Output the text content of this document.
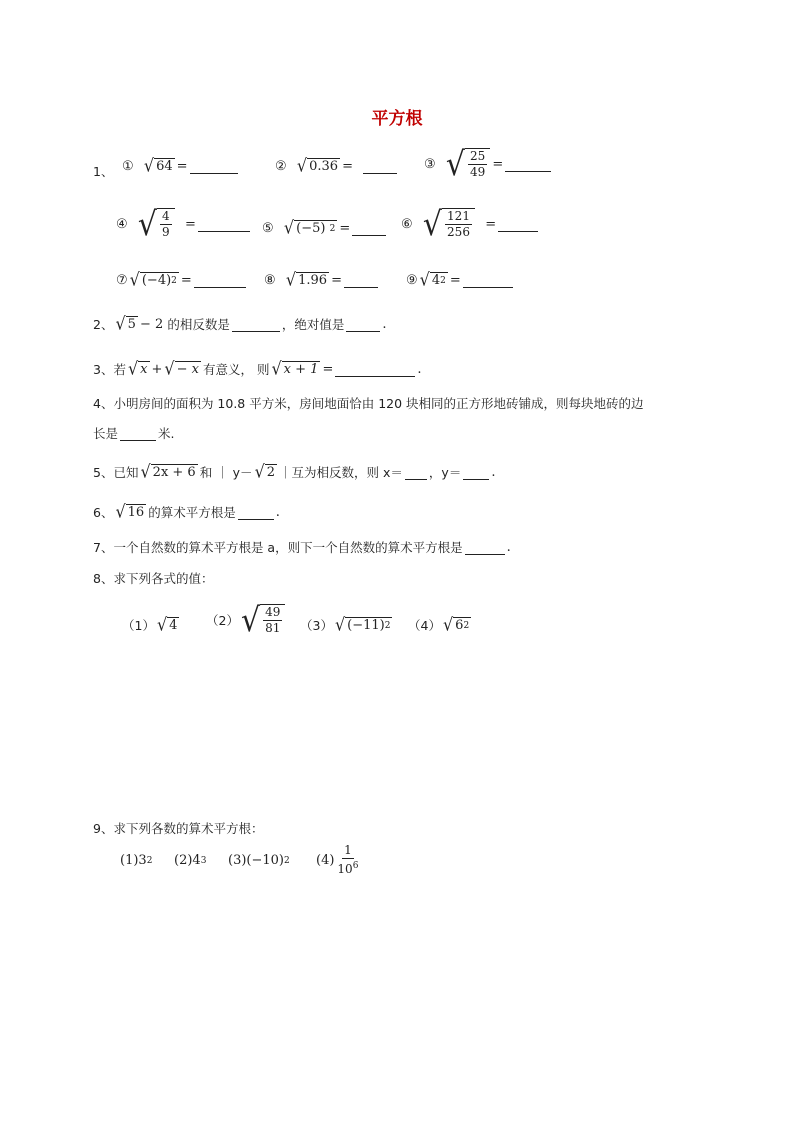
平方根
1、 ①
√ 64 =	②
√ 0.36 =
	③
√ $\frac{25}{49}$ =
④
√ $\frac{4}{9}$
=	⑤
√ (−5)
2 =	⑥
√ $\frac{121}{256}$
=
⑦ √ (−4) 2 =	⑧
√ 1.96 =	⑨ √ 4 2 =
2、 √ 5 − 2
的相反数是	，绝对值是	.
3、 若 √ x + √ − x 有意义， 则 √ x + 1 =	.
4、小明房间的面积为 10.8 平方米，房间地面恰由 120 块相同的正方形地砖铺成，则每块地砖的边
长是	米.
5、 已知 √ 2x + 6 和 ｜ y－ √ 2 ｜互为相反数，则 x＝ ，y＝ .
6、 √ 16 的算术平方根是	.
7、一个自然数的算术平方根是 a，则下一个自然数的算术平方根是	.
8、求下列各式的值：
（1） √ 4 （2） √ $\frac{49}{81} (3)$ √ (−11) 2 （4） √ 6 2
9、求下列各数的算术平方根：
(1) 3 2 (2) 4 3 (3) (−10) 2 $(4) \frac{1}{10^6}$
